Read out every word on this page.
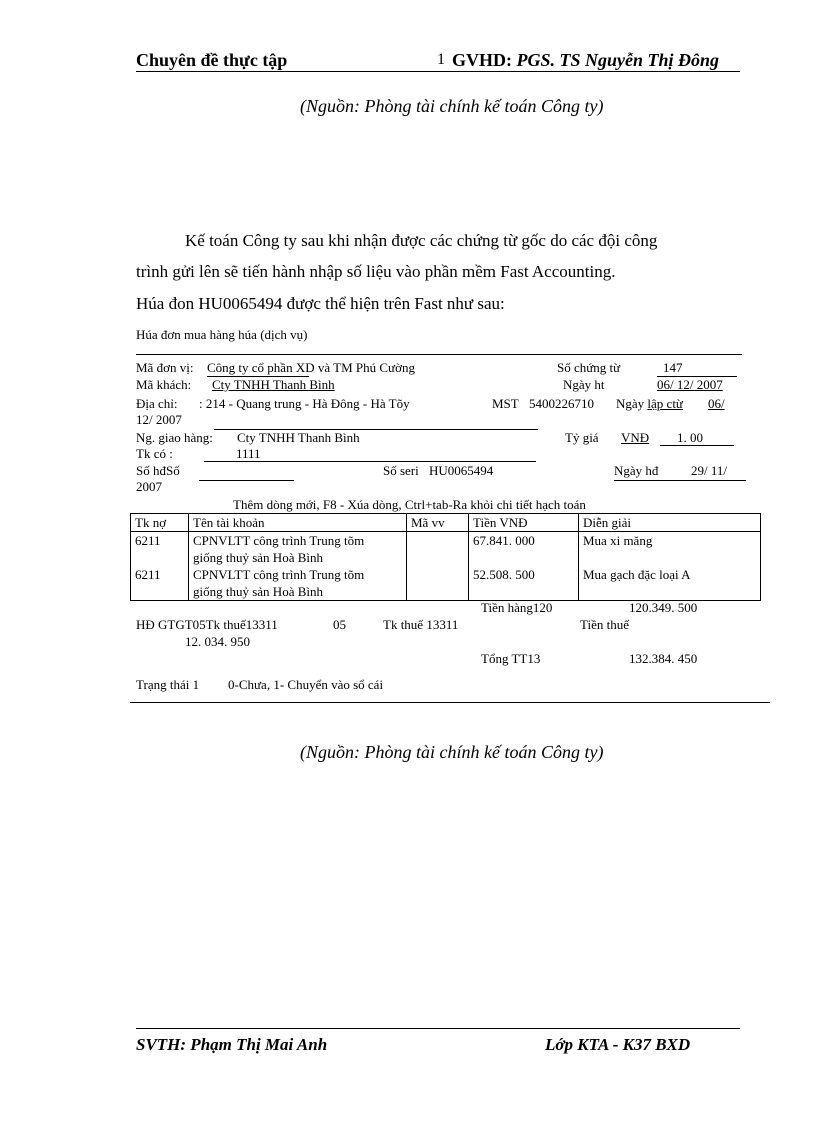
Chuyên đề thực tập	1 GVHD: PGS. TS Nguyễn Thị Đông
(Nguồn: Phòng tài chính kế toán Công ty)
Kế toán Công ty sau khi nhận được các chứng từ gốc do các đội công
trình gửi lên sẽ tiến hành nhập số liệu vào phần mềm Fast Accounting.
Húa đon HU0065494 được thể hiện trên Fast như sau:
Húa đơn mua hàng húa (dịch vụ)
Mã đơn vị: Công ty cổ phần XD và TM Phú Cường	Số chứng từ	147
Mã khách: Cty TNHH Thanh Bình	Ngày ht	06/ 12/ 2007
Địa chỉ: : 214 - Quang trung - Hà Đông - Hà Tõy	MST 5400226710 Ngày lập ctừ 06/
12/ 2007
Ng. giao hàng: Cty TNHH Thanh Bình	Tỷ giá VNĐ 1. 00
Tk có :	1111
Số hđSố	Số seri HU0065494	Ngày hđ	29/ 11/
2007
Thêm dòng mới, F8 - Xúa dòng, Ctrl+tab-Ra khỏi chi tiết hạch toán
Tk nợ	Tên tài khoản	Mã vv	Tiền VNĐ	Diễn giải
6211	CPNVLTT công trình Trung tõm
giống thuỷ sản Hoà Bình		67.841. 000	Mua xi măng
6211	CPNVLTT công trình Trung tõm
giống thuỷ sản Hoà Bình		52.508. 500	Mua gạch đặc loại A
Tiền hàng120	120.349. 500
HĐ GTGT05Tk thuế13311	05	Tk thuế 13311	Tiền thuế
12. 034. 950
Tổng TT13	132.384. 450
Trạng thái 1 0-Chưa, 1- Chuyển vào sổ cái
(Nguồn: Phòng tài chính kế toán Công ty)
SVTH: Phạm Thị Mai Anh	Lớp KTA - K37 BXD
